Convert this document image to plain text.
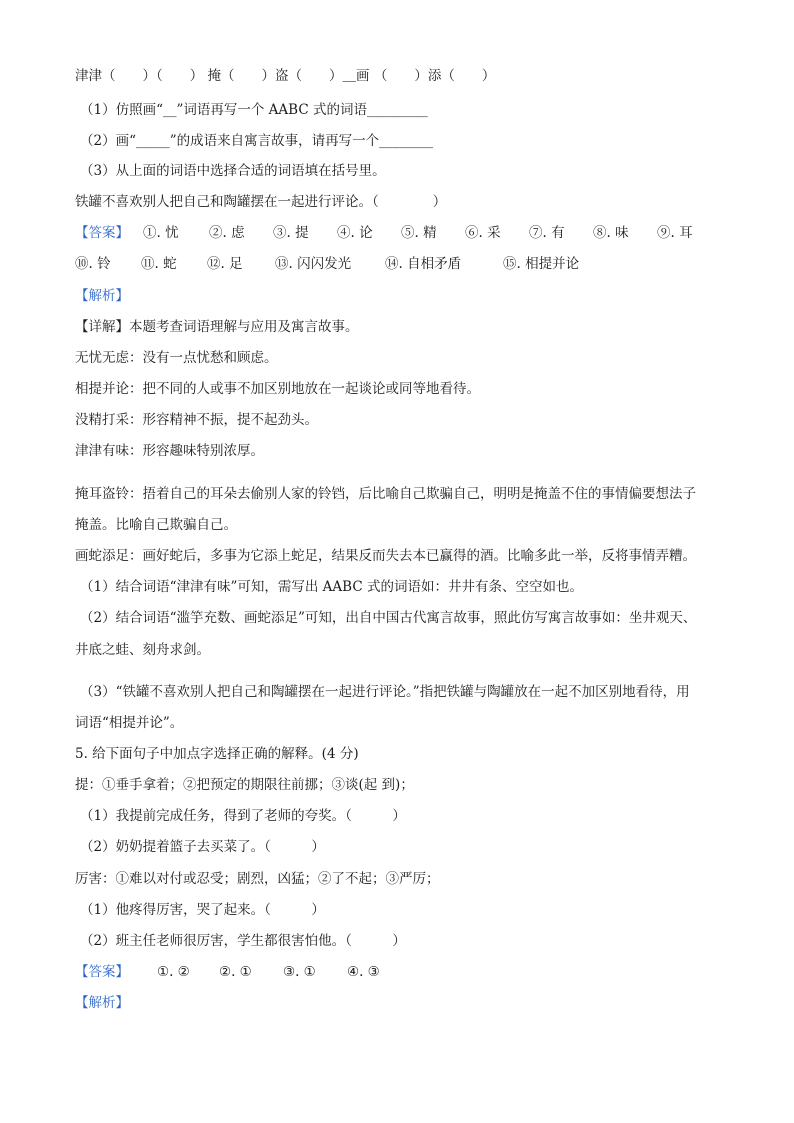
津津（　　）（　　） 掩（　　）盗（　　）＿画 （　　）添（　　）
（1）仿照画“__”词语再写一个 AABC 式的词语_________
（2）画“_____”的成语来自寓言故事，请再写一个________
（3）从上面的词语中选择合适的词语填在括号里。
铁罐不喜欢别人把自己和陶罐摆在一起进行评论。（　　　　）
【答案】	①. 忧	②. 虑	③. 提	④. 论	⑤. 精	⑥. 采	⑦. 有	⑧. 味	⑨. 耳
⑩. 铃	⑪. 蛇	⑫. 足	⑬. 闪闪发光	⑭. 自相矛盾	⑮. 相提并论
【解析】
【详解】本题考查词语理解与应用及寓言故事。
无忧无虑：没有一点忧愁和顾虑。
相提并论：把不同的人或事不加区别地放在一起谈论或同等地看待。
没精打采：形容精神不振，提不起劲头。
津津有味：形容趣味特别浓厚。
掩耳盗铃：捂着自己的耳朵去偷别人家的铃铛，后比喻自己欺骗自己，明明是掩盖不住的事情偏要想法子
掩盖。比喻自己欺骗自己。
画蛇添足：画好蛇后，多事为它添上蛇足，结果反而失去本已赢得的酒。比喻多此一举，反将事情弄糟。
（1）结合词语“津津有味”可知，需写出 AABC 式的词语如：井井有条、空空如也。
（2）结合词语“滥竽充数、画蛇添足”可知，出自中国古代寓言故事，照此仿写寓言故事如：坐井观天、
井底之蛙、刻舟求剑。
（3）“铁罐不喜欢别人把自己和陶罐摆在一起进行评论。”指把铁罐与陶罐放在一起不加区别地看待，用
词语“相提并论”。
5. 给下面句子中加点字选择正确的解释。(4 分)
提：①垂手拿着；②把预定的期限往前挪；③谈(起 到)；
（1）我提前完成任务，得到了老师的夸奖。（　　　）
（2）奶奶提着篮子去买菜了。（　　　）
厉害：①难以对付或忍受；剧烈，凶猛；②了不起；③严厉；
（1）他疼得厉害，哭了起来。（　　　）
（2）班主任老师很厉害，学生都很害怕他。（　　　）
【答案】	①. ②	②. ①	③. ①	④. ③
【解析】
